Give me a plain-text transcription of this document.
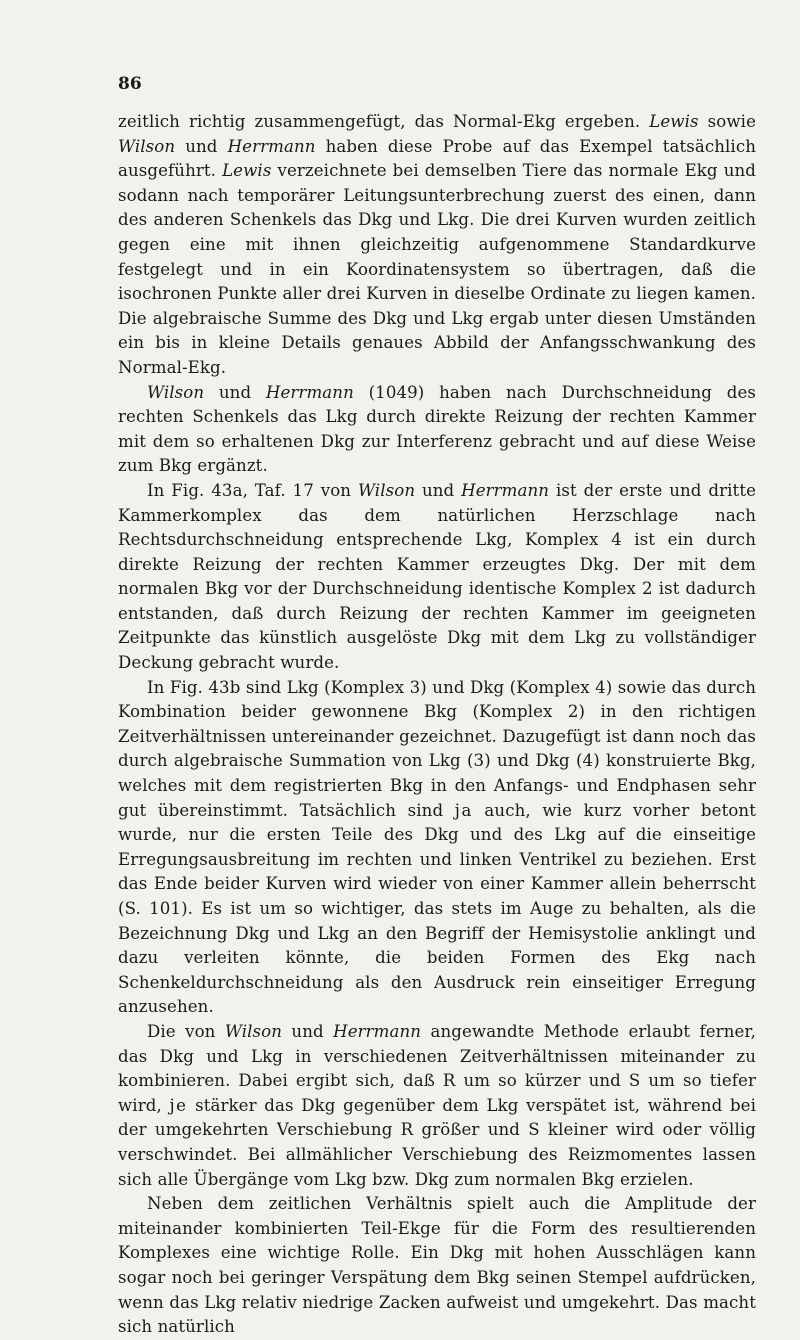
86

zeitlich richtig zusammengefügt, das Normal-Ekg ergeben. Lewis sowie Wilson und Herrmann haben diese Probe auf das Exempel tatsächlich ausgeführt. Lewis verzeichnete bei demselben Tiere das normale Ekg und sodann nach temporärer Leitungsunterbrechung zuerst des einen, dann des anderen Schenkels das Dkg und Lkg. Die drei Kurven wurden zeitlich gegen eine mit ihnen gleichzeitig aufgenommene Standardkurve festgelegt und in ein Koordinatensystem so übertragen, daß die isochronen Punkte aller drei Kurven in dieselbe Ordinate zu liegen kamen. Die algebraische Summe des Dkg und Lkg ergab unter diesen Umständen ein bis in kleine Details genaues Abbild der Anfangsschwankung des Normal-Ekg.

Wilson und Herrmann (1049) haben nach Durchschneidung des rechten Schenkels das Lkg durch direkte Reizung der rechten Kammer mit dem so erhaltenen Dkg zur Interferenz gebracht und auf diese Weise zum Bkg ergänzt.

In Fig. 43a, Taf. 17 von Wilson und Herrmann ist der erste und dritte Kammerkomplex das dem natürlichen Herzschlage nach Rechtsdurchschneidung entsprechende Lkg, Komplex 4 ist ein durch direkte Reizung der rechten Kammer erzeugtes Dkg. Der mit dem normalen Bkg vor der Durchschneidung identische Komplex 2 ist dadurch entstanden, daß durch Reizung der rechten Kammer im geeigneten Zeitpunkte das künstlich ausgelöste Dkg mit dem Lkg zu vollständiger Deckung gebracht wurde.

In Fig. 43b sind Lkg (Komplex 3) und Dkg (Komplex 4) sowie das durch Kombination beider gewonnene Bkg (Komplex 2) in den richtigen Zeitverhältnissen untereinander gezeichnet. Dazugefügt ist dann noch das durch algebraische Summation von Lkg (3) und Dkg (4) konstruierte Bkg, welches mit dem registrierten Bkg in den Anfangs- und Endphasen sehr gut übereinstimmt. Tatsächlich sind ja auch, wie kurz vorher betont wurde, nur die ersten Teile des Dkg und des Lkg auf die einseitige Erregungsausbreitung im rechten und linken Ventrikel zu beziehen. Erst das Ende beider Kurven wird wieder von einer Kammer allein beherrscht (S. 101). Es ist um so wichtiger, das stets im Auge zu behalten, als die Bezeichnung Dkg und Lkg an den Begriff der Hemisystolie anklingt und dazu verleiten könnte, die beiden Formen des Ekg nach Schenkeldurchschneidung als den Ausdruck rein einseitiger Erregung anzusehen.

Die von Wilson und Herrmann angewandte Methode erlaubt ferner, das Dkg und Lkg in verschiedenen Zeitverhältnissen miteinander zu kombinieren. Dabei ergibt sich, daß R um so kürzer und S um so tiefer wird, je stärker das Dkg gegenüber dem Lkg verspätet ist, während bei der umgekehrten Verschiebung R größer und S kleiner wird oder völlig verschwindet. Bei allmählicher Verschiebung des Reizmomentes lassen sich alle Übergänge vom Lkg bzw. Dkg zum normalen Bkg erzielen.

Neben dem zeitlichen Verhältnis spielt auch die Amplitude der miteinander kombinierten Teil-Ekge für die Form des resultierenden Komplexes eine wichtige Rolle. Ein Dkg mit hohen Ausschlägen kann sogar noch bei geringer Verspätung dem Bkg seinen Stempel aufdrücken, wenn das Lkg relativ niedrige Zacken aufweist und umgekehrt. Das macht sich natürlich
